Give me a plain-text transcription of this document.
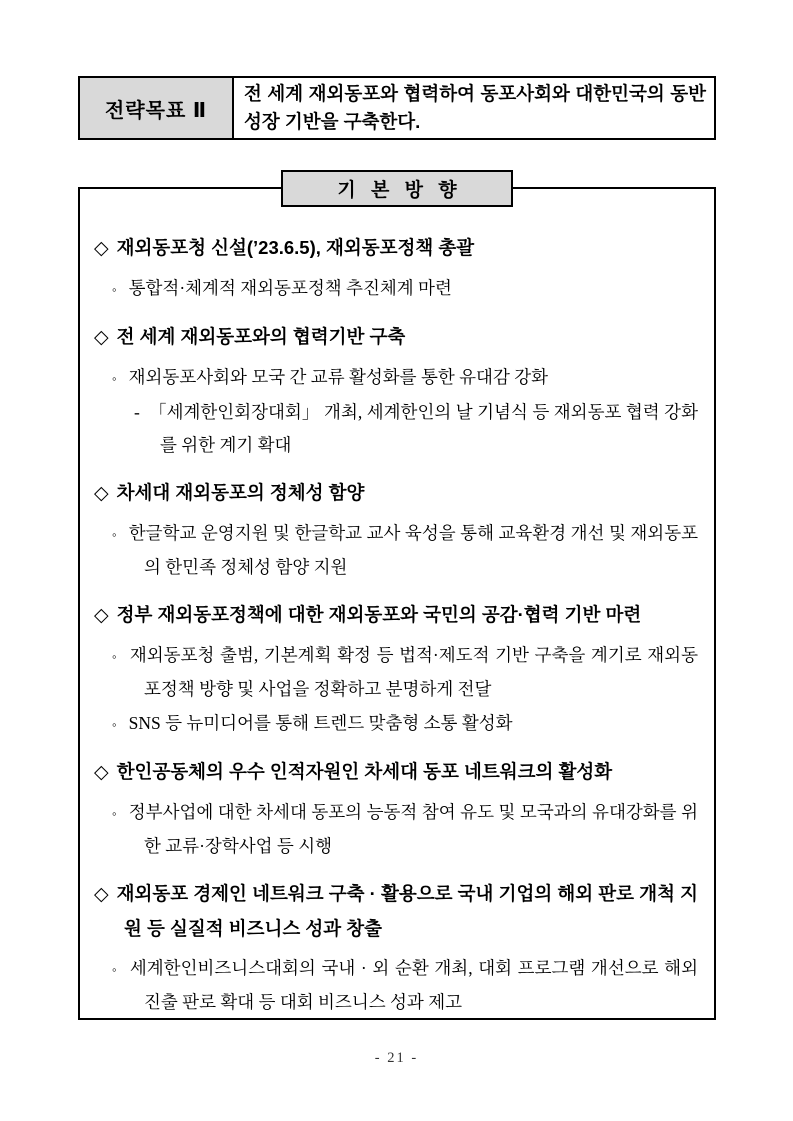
전략목표 Ⅱ
전 세계 재외동포와 협력하여 동포사회와 대한민국의 동반성장 기반을 구축한다.
기 본 방 향
◇ 재외동포청 신설(’23.6.5), 재외동포정책 총괄
◦ 통합적·체계적 재외동포정책 추진체계 마련
◇ 전 세계 재외동포와의 협력기반 구축
◦ 재외동포사회와 모국 간 교류 활성화를 통한 유대감 강화
- 「세계한인회장대회」 개최, 세계한인의 날 기념식 등 재외동포 협력 강화를 위한 계기 확대
◇ 차세대 재외동포의 정체성 함양
◦ 한글학교 운영지원 및 한글학교 교사 육성을 통해 교육환경 개선 및 재외동포의 한민족 정체성 함양 지원
◇ 정부 재외동포정책에 대한 재외동포와 국민의 공감·협력 기반 마련
◦ 재외동포청 출범, 기본계획 확정 등 법적·제도적 기반 구축을 계기로 재외동포정책 방향 및 사업을 정확하고 분명하게 전달
◦ SNS 등 뉴미디어를 통해 트렌드 맞춤형 소통 활성화
◇ 한인공동체의 우수 인적자원인 차세대 동포 네트워크의 활성화
◦ 정부사업에 대한 차세대 동포의 능동적 참여 유도 및 모국과의 유대강화를 위한 교류·장학사업 등 시행
◇ 재외동포 경제인 네트워크 구축 · 활용으로 국내 기업의 해외 판로 개척 지원 등 실질적 비즈니스 성과 창출
◦ 세계한인비즈니스대회의 국내 · 외 순환 개최, 대회 프로그램 개선으로 해외 진출 판로 확대 등 대회 비즈니스 성과 제고
- 21 -
